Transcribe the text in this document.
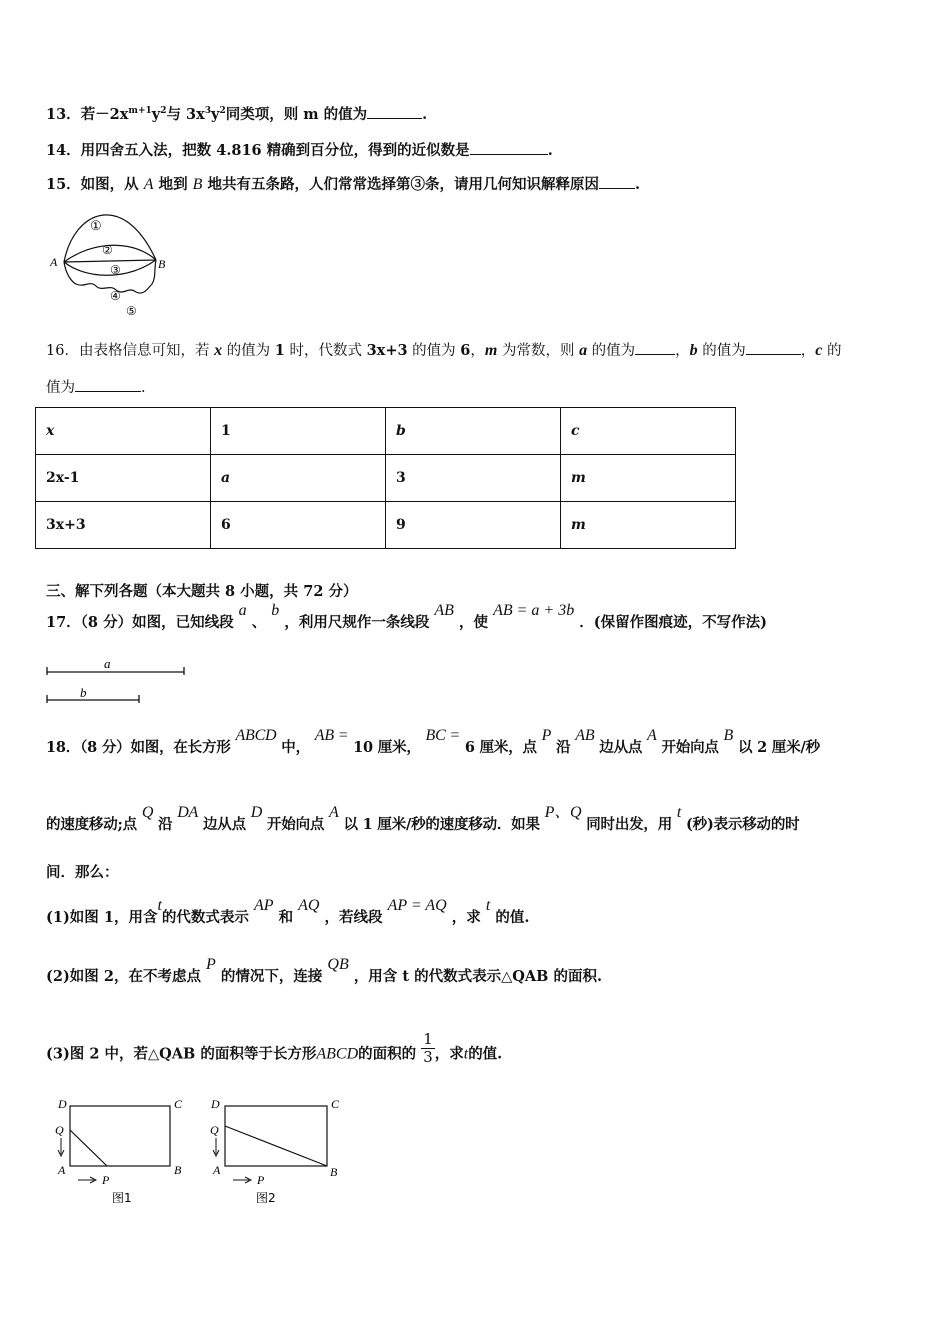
13．若$-2x^{m+1}y^2$与 $3x^3y^2$同类项，则 m 的值为	.
14．用四舍五入法，把数 4.816 精确到百分位，得到的近似数是	.
15．如图，从 A 地到 B 地共有五条路，人们常常选择第③条，请用几何知识解释原因 .
A	B
①
②
③
④
⑤
16．由表格信息可知，若 x 的值为 1 时，代数式 3x+3 的值为 6，m 为常数，则 a 的值为	，b 的值为	，c 的
值为	.
x	1	b	c
2x-1	a	3	m
3x+3	6	9	m
三、解下列各题（本大题共 8 小题，共 72 分）
17．（8 分）如图，已知线段 a 、 b ，利用尺规作一条线段 AB ，使 AB = a + 3b ．(保留作图痕迹，不写作法)
a
b
18．（8 分）如图，在长方形 ABCD 中， AB = 10 厘米， BC = 6 厘米，点 P 沿 AB 边从点 A 开始向点 B 以 2 厘米/秒
的速度移动;点 Q 沿 DA 边从点 D 开始向点 A 以 1 厘米/秒的速度移动．如果 P、Q 同时出发，用 t (秒)表示移动的时
间．那么：
(1)如图 1，用含t的代数式表示 AP 和 AQ ，若线段 AP = AQ ，求 t 的值.
(2)如图 2，在不考虑点 P 的情况下，连接 QB ，用含 t 的代数式表示△QAB 的面积.
(3)图 2 中，若△QAB 的面积等于长方形ABCD的面积的 $\frac{1}{3}$ ，求t的值.
D	C
Q
A	B
P
图1
D	C
Q
A	B
P
图2
